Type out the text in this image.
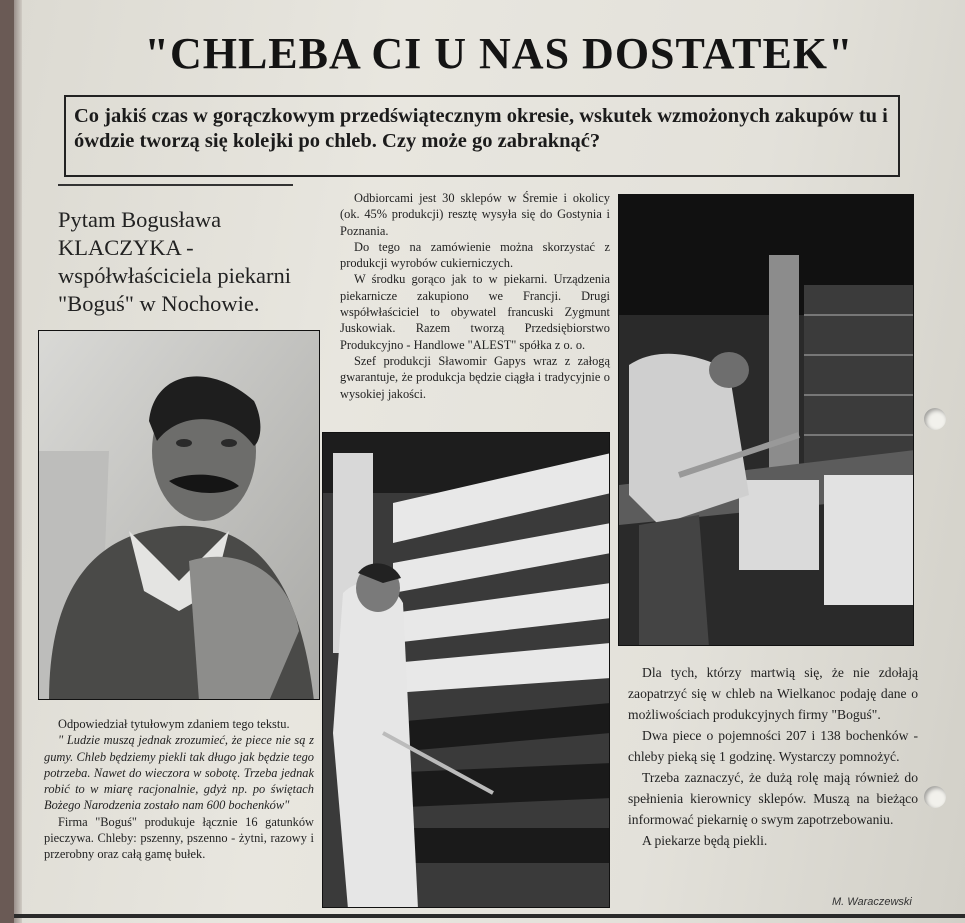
"CHLEBA CI U NAS DOSTATEK"
Co jakiś czas w gorączkowym przedświątecznym okresie, wskutek wzmożonych zakupów tu i ówdzie tworzą się kolejki po chleb. Czy może go zabraknąć?
Pytam Bogusława KLACZYKA - współwłaściciela piekarni "Boguś" w Nochowie.

Odbiorcami jest 30 sklepów w Śremie i okolicy (ok. 45% produkcji) resztę wysyła się do Gostynia i Poznania.

Do tego na zamówienie można skorzystać z produkcji wyrobów cukierniczych.

W środku gorąco jak to w piekarni. Urządzenia piekarnicze zakupiono we Francji. Drugi współwłaściciel to obywatel francuski Zygmunt Juskowiak. Razem tworzą Przedsiębiorstwo Produkcyjno - Handlowe "ALEST" spółka z o. o.

Szef produkcji Sławomir Gapys wraz z załogą gwarantuje, że produkcja będzie ciągła i tradycyjnie o wysokiej jakości.

Odpowiedział tytułowym zdaniem tego tekstu.

" Ludzie muszą jednak zrozumieć, że piece nie są z gumy. Chleb będziemy piekli tak długo jak będzie tego potrzeba. Nawet do wieczora w sobotę. Trzeba jednak robić to w miarę racjonalnie, gdyż np. po świętach Bożego Narodzenia zostało nam 600 bochenków"

Firma "Boguś" produkuje łącznie 16 gatunków pieczywa. Chleby: pszenny, pszenno - żytni, razowy i przerobny oraz całą gamę bułek.

Dla tych, którzy martwią się, że nie zdołają zaopatrzyć się w chleb na Wielkanoc podaję dane o możliwościach produkcyjnych firmy "Boguś".

Dwa piece o pojemności 207 i 138 bochenków - chleby pieką się 1 godzinę. Wystarczy pomnożyć.

Trzeba zaznaczyć, że dużą rolę mają również do spełnienia kierownicy sklepów. Muszą na bieżąco informować piekarnię o swym zapotrzebowaniu.

A piekarze będą piekli.

M. Waraczewski
